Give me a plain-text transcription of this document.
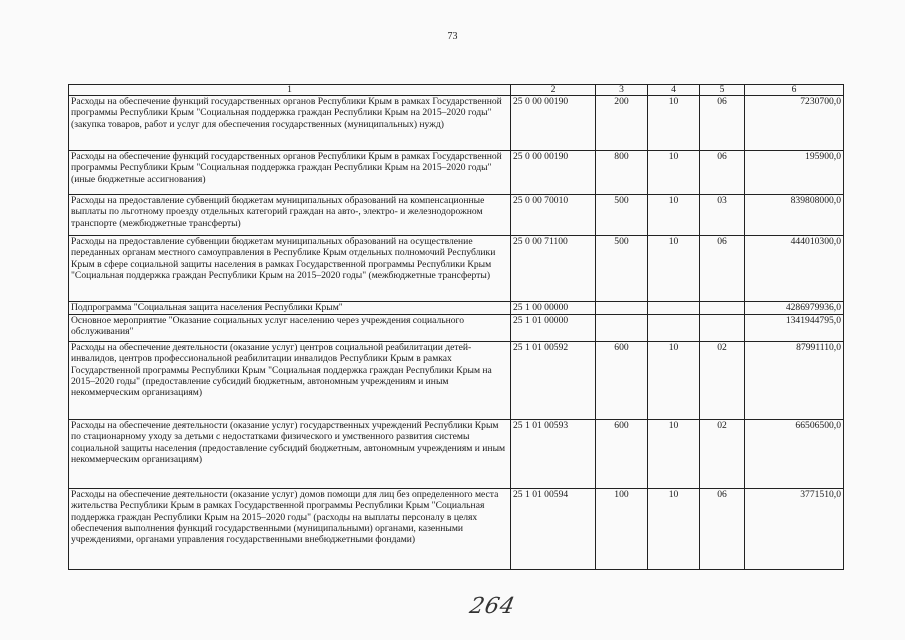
73
1	2	3	4	5	6
Расходы на обеспечение функций государственных органов Республики Крым в рамках Государственной программы Республики Крым "Социальная поддержка граждан Республики Крым на 2015–2020 годы" (закупка товаров, работ и услуг для обеспечения государственных (муниципальных) нужд)	25 0 00 00190	200	10	06	7230700,0
Расходы на обеспечение функций государственных органов Республики Крым в рамках Государственной программы Республики Крым "Социальная поддержка граждан Республики Крым на 2015–2020 годы" (иные бюджетные ассигнования)	25 0 00 00190	800	10	06	195900,0
Расходы на предоставление субвенций бюджетам муниципальных образований на компенсационные выплаты по льготному проезду отдельных категорий граждан на авто-, электро- и железнодорожном транспорте (межбюджетные трансферты)	25 0 00 70010	500	10	03	839808000,0
Расходы на предоставление субвенции бюджетам муниципальных образований на осуществление переданных органам местного самоуправления в Республике Крым отдельных полномочий Республики Крым в сфере социальной защиты населения в рамках Государственной программы Республики Крым "Социальная поддержка граждан Республики Крым на 2015–2020 годы" (межбюджетные трансферты)	25 0 00 71100	500	10	06	444010300,0
Подпрограмма "Социальная защита населения Республики Крым"	25 1 00 00000				4286979936,0
Основное мероприятие "Оказание социальных услуг населению через учреждения социального обслуживания"	25 1 01 00000				1341944795,0
Расходы на обеспечение деятельности (оказание услуг) центров социальной реабилитации детей-инвалидов, центров профессиональной реабилитации инвалидов Республики Крым в рамках Государственной программы Республики Крым "Социальная поддержка граждан Республики Крым на 2015–2020 годы" (предоставление субсидий бюджетным, автономным учреждениям и иным некоммерческим организациям)	25 1 01 00592	600	10	02	87991110,0
Расходы на обеспечение деятельности (оказание услуг) государственных учреждений Республики Крым по стационарному уходу за детьми с недостатками физического и умственного развития системы социальной защиты населения (предоставление субсидий бюджетным, автономным учреждениям и иным некоммерческим организациям)	25 1 01 00593	600	10	02	66506500,0
Расходы на обеспечение деятельности (оказание услуг) домов помощи для лиц без определенного места жительства Республики Крым в рамках Государственной программы Республики Крым "Социальная поддержка граждан Республики Крым на 2015–2020 годы" (расходы на выплаты персоналу в целях обеспечения выполнения функций государственными (муниципальными) органами, казенными учреждениями, органами управления государственными внебюджетными фондами)	25 1 01 00594	100	10	06	3771510,0
264
